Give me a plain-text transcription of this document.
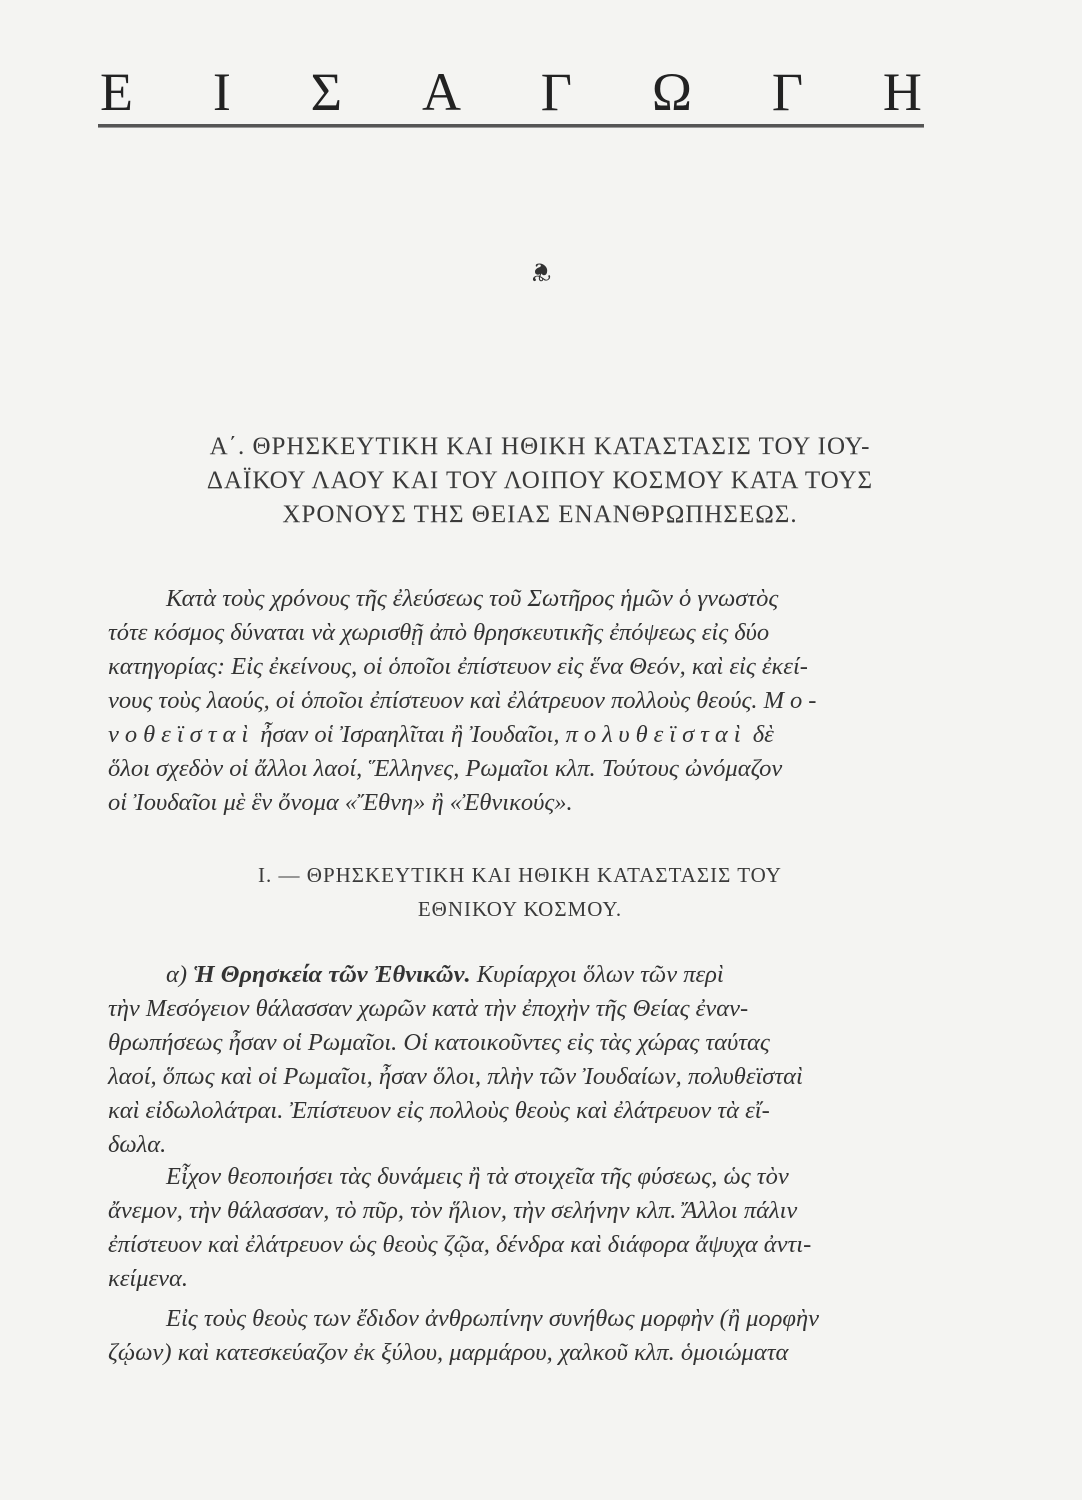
Ε Ι Σ Α Γ Ω Γ Η
❦
Α΄. ΘΡΗΣΚΕΥΤΙΚΗ ΚΑΙ ΗΘΙΚΗ ΚΑΤΑΣΤΑΣΙΣ ΤΟΥ ΙΟΥ-
ΔΑΪΚΟΥ ΛΑΟΥ ΚΑΙ ΤΟΥ ΛΟΙΠΟΥ ΚΟΣΜΟΥ ΚΑΤΑ ΤΟΥΣ
ΧΡΟΝΟΥΣ ΤΗΣ ΘΕΙΑΣ ΕΝΑΝΘΡΩΠΗΣΕΩΣ.
Κατὰ τοὺς χρόνους τῆς ἐλεύσεως τοῦ Σωτῆρος ἡμῶν ὁ γνωστὸς
τότε κόσμος δύναται νὰ χωρισθῇ ἀπὸ θρησκευτικῆς ἐπόψεως εἰς δύο
κατηγορίας: Εἰς ἐκείνους, οἱ ὁποῖοι ἐπίστευον εἰς ἕνα Θεόν, καὶ εἰς ἐκεί-
νους τοὺς λαούς, οἱ ὁποῖοι ἐπίστευον καὶ ἐλάτρευον πολλοὺς θεούς. Μο-
νοθεϊσταὶ ἦσαν οἱ Ἰσραηλῖται ἢ Ἰουδαῖοι, πολυθεϊσταὶ δὲ
ὅλοι σχεδὸν οἱ ἄλλοι λαοί, Ἕλληνες, Ρωμαῖοι κλπ. Τούτους ὠνόμαζον
οἱ Ἰουδαῖοι μὲ ἓν ὄνομα «Ἔθνη» ἢ «Ἐθνικούς».
Ι. — ΘΡΗΣΚΕΥΤΙΚΗ ΚΑΙ ΗΘΙΚΗ ΚΑΤΑΣΤΑΣΙΣ ΤΟΥ
ΕΘΝΙΚΟΥ ΚΟΣΜΟΥ.
α) Ἡ Θρησκεία τῶν Ἐθνικῶν. Κυρίαρχοι ὅλων τῶν περὶ
τὴν Μεσόγειον θάλασσαν χωρῶν κατὰ τὴν ἐποχὴν τῆς Θείας ἐναν-
θρωπήσεως ἦσαν οἱ Ρωμαῖοι. Οἱ κατοικοῦντες εἰς τὰς χώρας ταύτας
λαοί, ὅπως καὶ οἱ Ρωμαῖοι, ἦσαν ὅλοι, πλὴν τῶν Ἰουδαίων, πολυθεϊσταὶ
καὶ εἰδωλολάτραι. Ἐπίστευον εἰς πολλοὺς θεοὺς καὶ ἐλάτρευον τὰ εἴ-
δωλα.
Εἶχον θεοποιήσει τὰς δυνάμεις ἢ τὰ στοιχεῖα τῆς φύσεως, ὡς τὸν
ἄνεμον, τὴν θάλασσαν, τὸ πῦρ, τὸν ἥλιον, τὴν σελήνην κλπ. Ἄλλοι πάλιν
ἐπίστευον καὶ ἐλάτρευον ὡς θεοὺς ζῷα, δένδρα καὶ διάφορα ἄψυχα ἀντι-
κείμενα.
Εἰς τοὺς θεοὺς των ἔδιδον ἀνθρωπίνην συνήθως μορφὴν (ἢ μορφὴν
ζῴων) καὶ κατεσκεύαζον ἐκ ξύλου, μαρμάρου, χαλκοῦ κλπ. ὁμοιώματα
